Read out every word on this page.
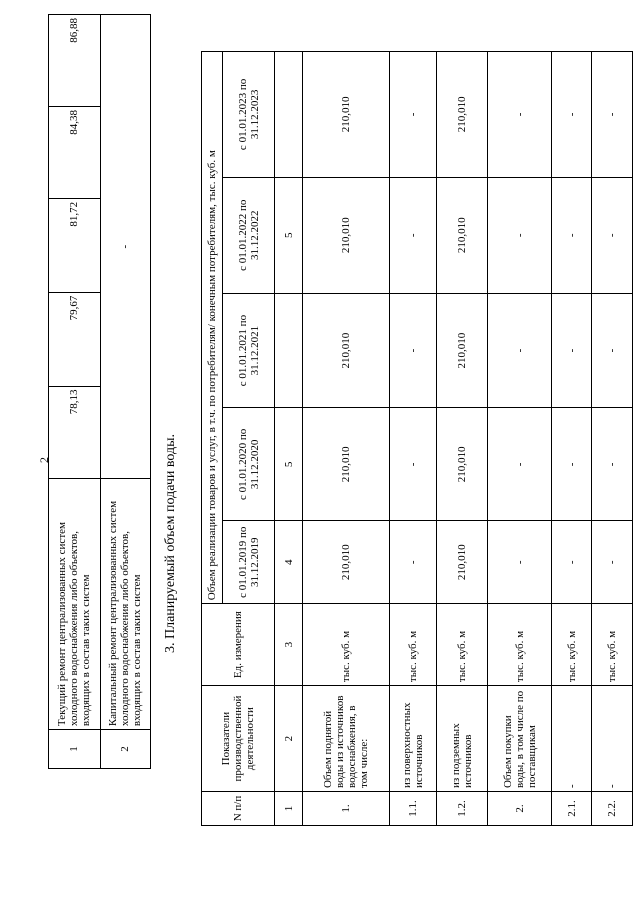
2
1	Текущий ремонт централизованных систем холодного водоснабжения либо объектов, входящих в состав таких систем	78,13	79,67	81,72	84,38	86,88
2	Капитальный ремонт централизованных систем холодного водоснабжения либо объектов, входящих в состав таких систем	-				
3. Планируемый объем подачи воды.
N п/п	Показатели производственной деятельности	Ед. измерения	Объем реализации товаров и услуг, в т.ч. по потребителям/ конечным потребителям, тыс. куб. м				
			с 01.01.2019 по 31.12.2019	с 01.01.2020 по 31.12.2020	с 01.01.2021 по 31.12.2021	с 01.01.2022 по 31.12.2022	с 01.01.2023 по 31.12.2023
1	2	3	4	5		5	
1.	Объем поднятой воды из источников водоснабжения, в том числе:	тыс. куб. м	210,010	210,010	210,010	210,010	210,010
1.1.	из поверхностных источников	тыс. куб. м	-	-	-	-	-
1.2.	из подземных источников	тыс. куб. м	210,010	210,010	210,010	210,010	210,010
2.	Объем покупки воды, в том числе по поставщикам	тыс. куб. м	-	-	-	-	-
2.1.	-	тыс. куб. м	-	-	-	-	-
2.2.	-	тыс. куб. м	-	-	-	-	-
